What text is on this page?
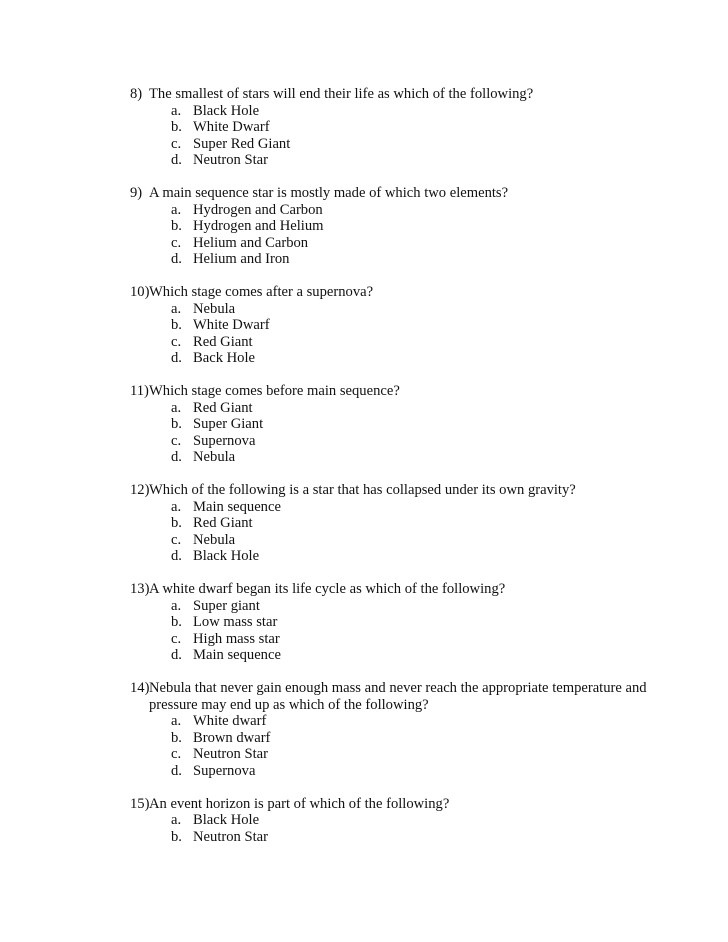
8) The smallest of stars will end their life as which of the following?
a. Black Hole
b. White Dwarf
c. Super Red Giant
d. Neutron Star
9) A main sequence star is mostly made of which two elements?
a. Hydrogen and Carbon
b. Hydrogen and Helium
c. Helium and Carbon
d. Helium and Iron
10) Which stage comes after a supernova?
a. Nebula
b. White Dwarf
c. Red Giant
d. Back Hole
11) Which stage comes before main sequence?
a. Red Giant
b. Super Giant
c. Supernova
d. Nebula
12) Which of the following is a star that has collapsed under its own gravity?
a. Main sequence
b. Red Giant
c. Nebula
d. Black Hole
13) A white dwarf began its life cycle as which of the following?
a. Super giant
b. Low mass star
c. High mass star
d. Main sequence
14) Nebula that never gain enough mass and never reach the appropriate temperature and pressure may end up as which of the following?
a. White dwarf
b. Brown dwarf
c. Neutron Star
d. Supernova
15) An event horizon is part of which of the following?
a. Black Hole
b. Neutron Star
